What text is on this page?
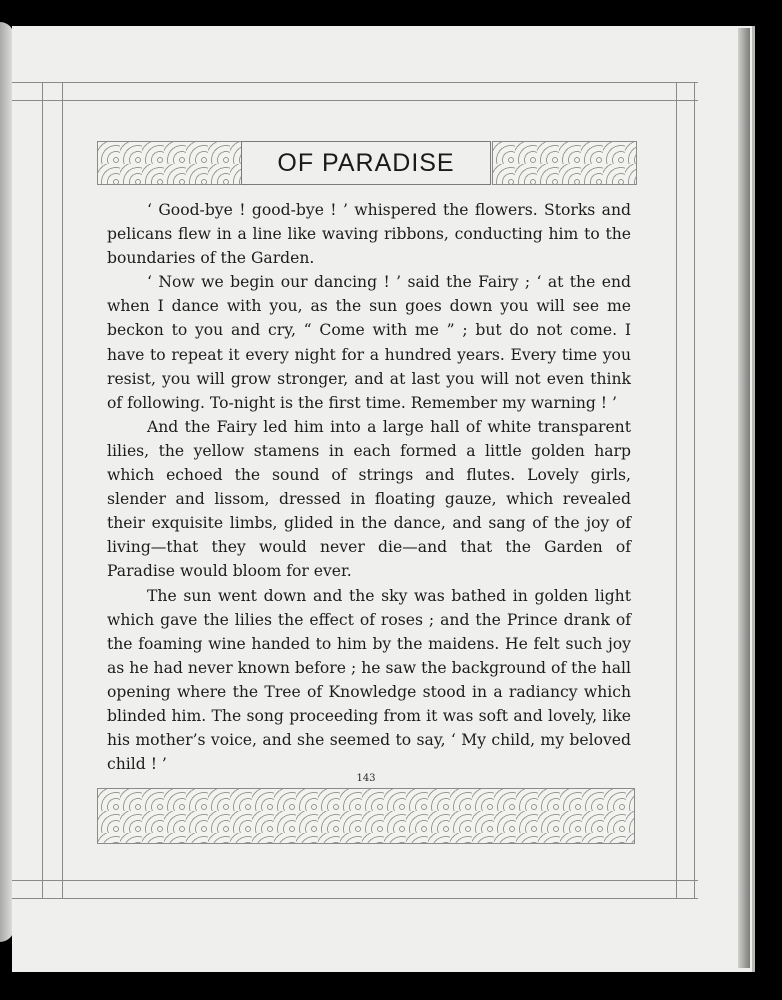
OF PARADISE

‘ Good-bye ! good-bye ! ’ whispered the flowers. Storks and pelicans flew in a line like waving ribbons, conducting him to the boundaries of the Garden.

‘ Now we begin our dancing ! ’ said the Fairy ; ‘ at the end when I dance with you, as the sun goes down you will see me beckon to you and cry, “ Come with me ” ; but do not come. I have to repeat it every night for a hundred years. Every time you resist, you will grow stronger, and at last you will not even think of following. To-night is the first time. Remember my warning ! ’

And the Fairy led him into a large hall of white transparent lilies, the yellow stamens in each formed a little golden harp which echoed the sound of strings and flutes. Lovely girls, slender and lissom, dressed in floating gauze, which revealed their exquisite limbs, glided in the dance, and sang of the joy of living—that they would never die—and that the Garden of Paradise would bloom for ever.

The sun went down and the sky was bathed in golden light which gave the lilies the effect of roses ; and the Prince drank of the foaming wine handed to him by the maidens. He felt such joy as he had never known before ; he saw the background of the hall opening where the Tree of Knowledge stood in a radiancy which blinded him. The song proceeding from it was soft and lovely, like his mother’s voice, and she seemed to say, ‘ My child, my beloved child ! ’

143
